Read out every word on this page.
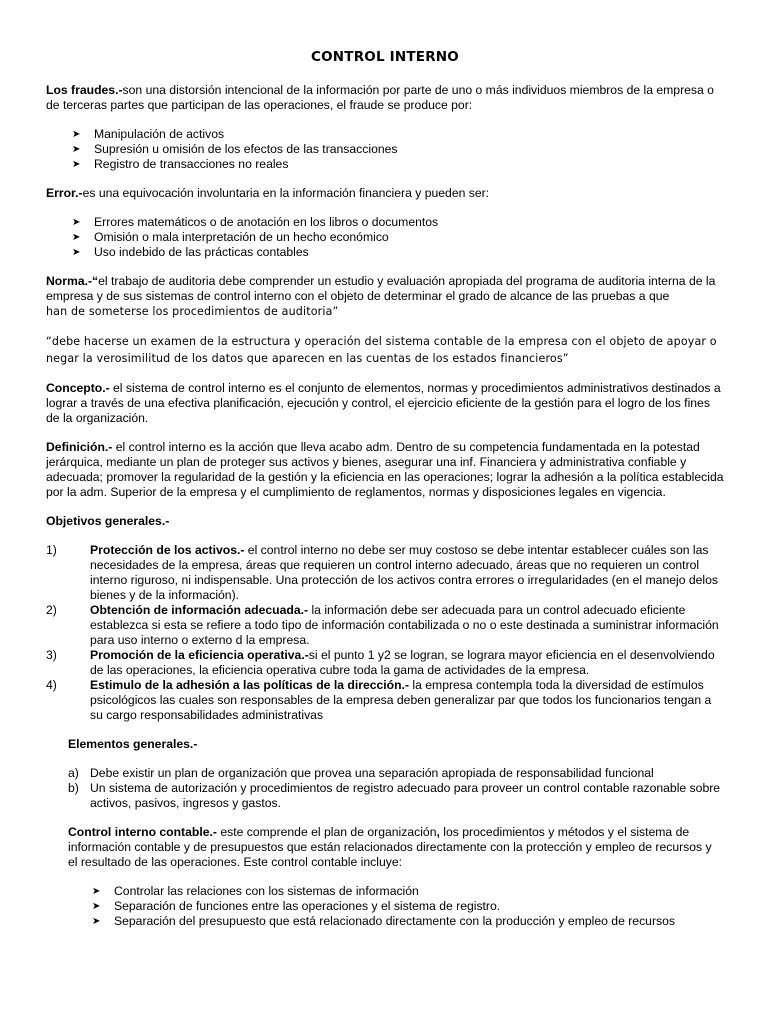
CONTROL INTERNO

Los fraudes.-son una distorsión intencional de la información por parte de uno o más individuos miembros de la empresa o de terceras partes que participan de las operaciones, el fraude se produce por:

➤ Manipulación de activos
➤ Supresión u omisión de los efectos de las transacciones
➤ Registro de transacciones no reales

Error.-es una equivocación involuntaria en la información financiera y pueden ser:

➤ Errores matemáticos o de anotación en los libros o documentos
➤ Omisión o mala interpretación de un hecho económico
➤ Uso indebido de las prácticas contables

Norma.-“el trabajo de auditoria debe comprender un estudio y evaluación apropiada del programa de auditoria interna de la empresa y de sus sistemas de control interno con el objeto de determinar el grado de alcance de las pruebas a que
han de someterse los procedimientos de auditoria”

“debe hacerse un examen de la estructura y operación del sistema contable de la empresa con el objeto de apoyar o negar la verosimilitud de los datos que aparecen en las cuentas de los estados financieros”

Concepto.- el sistema de control interno es el conjunto de elementos, normas y procedimientos administrativos destinados a lograr a través de una efectiva planificación, ejecución y control, el ejercicio eficiente de la gestión para el logro de los fines de la organización.

Definición.- el control interno es la acción que lleva acabo adm. Dentro de su competencia fundamentada en la potestad jerárquica, mediante un plan de proteger sus activos y bienes, asegurar una inf. Financiera y administrativa confiable y adecuada; promover la regularidad de la gestión y la eficiencia en las operaciones; lograr la adhesión a la política establecida por la adm. Superior de la empresa y el cumplimiento de reglamentos, normas y disposiciones legales en vigencia.

Objetivos generales.-

1)	Protección de los activos.- el control interno no debe ser muy costoso se debe intentar establecer cuáles son las necesidades de la empresa, áreas que requieren un control interno adecuado, áreas que no requieren un control interno riguroso, ni indispensable. Una protección de los activos contra errores o irregularidades (en el manejo delos bienes y de la información).
2)	Obtención de información adecuada.- la información debe ser adecuada para un control adecuado eficiente establezca si esta se refiere a todo tipo de información contabilizada o no o este destinada a suministrar información para uso interno o externo d la empresa.
3)	Promoción de la eficiencia operativa.-si el punto 1 y2 se logran, se lograra mayor eficiencia en el desenvolviendo de las operaciones, la eficiencia operativa cubre toda la gama de actividades de la empresa.
4)	Estimulo de la adhesión a las políticas de la dirección.- la empresa contempla toda la diversidad de estímulos psicológicos las cuales son responsables de la empresa deben generalizar par que todos los funcionarios tengan a su cargo responsabilidades administrativas

Elementos generales.-

a) Debe existir un plan de organización que provea una separación apropiada de responsabilidad funcional
b) Un sistema de autorización y procedimientos de registro adecuado para proveer un control contable razonable sobre activos, pasivos, ingresos y gastos.

Control interno contable.- este comprende el plan de organización, los procedimientos y métodos y el sistema de información contable y de presupuestos que están relacionados directamente con la protección y empleo de recursos y el resultado de las operaciones. Este control contable incluye:

➤ Controlar las relaciones con los sistemas de información
➤ Separación de funciones entre las operaciones y el sistema de registro.
➤ Separación del presupuesto que está relacionado directamente con la producción y empleo de recursos
